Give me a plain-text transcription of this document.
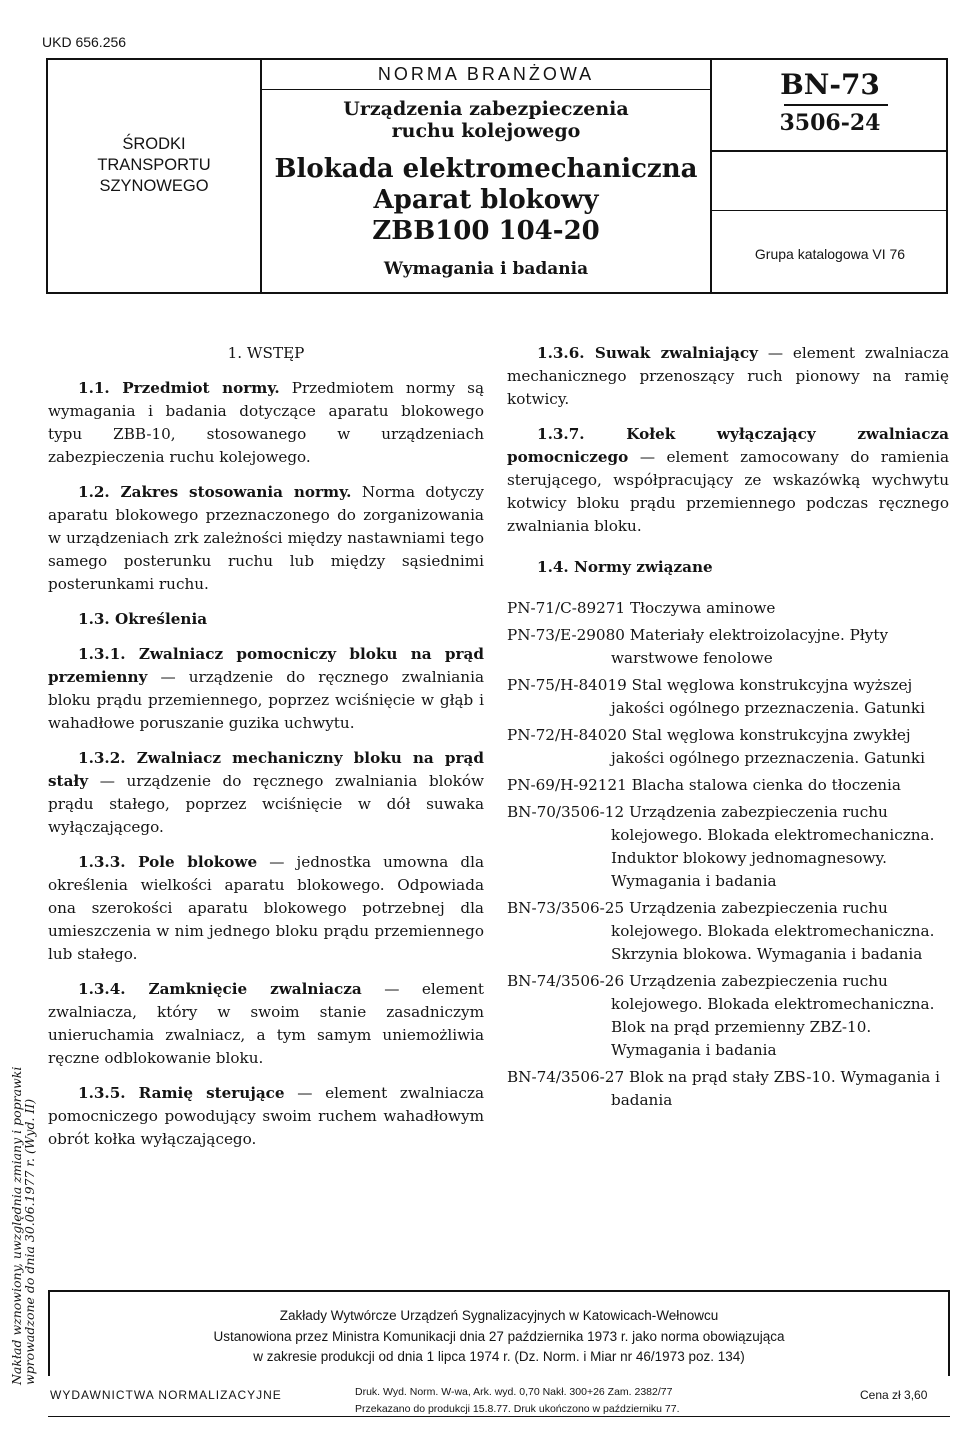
UKD 656.256
ŚRODKI
TRANSPORTU
SZYNOWEGO
NORMA BRANŻOWA
Urządzenia zabezpieczenia
ruchu kolejowego
Blokada elektromechaniczna
Aparat blokowy
ZBB100 104-20
Wymagania i badania
BN-73
3506-24
Grupa katalogowa VI 76

1. WSTĘP

1.1. Przedmiot normy. Przedmiotem normy są wymagania i badania dotyczące aparatu blokowego typu ZBB-10, stosowanego w urządzeniach zabezpieczenia ruchu kolejowego.

1.2. Zakres stosowania normy. Norma dotyczy aparatu blokowego przeznaczonego do zorganizowania w urządzeniach zrk zależności między nastawniami tego samego posterunku ruchu lub między sąsiednimi posterunkami ruchu.

1.3. Określenia

1.3.1. Zwalniacz pomocniczy bloku na prąd przemienny — urządzenie do ręcznego zwalniania bloku prądu przemiennego, poprzez wciśnięcie w głąb i wahadłowe poruszanie guzika uchwytu.

1.3.2. Zwalniacz mechaniczny bloku na prąd stały — urządzenie do ręcznego zwalniania bloków prądu stałego, poprzez wciśnięcie w dół suwaka wyłączającego.

1.3.3. Pole blokowe — jednostka umowna dla określenia wielkości aparatu blokowego. Odpowiada ona szerokości aparatu blokowego potrzebnej dla umieszczenia w nim jednego bloku prądu przemiennego lub stałego.

1.3.4. Zamknięcie zwalniacza — element zwalniacza, który w swoim stanie zasadniczym unieruchamia zwalniacz, a tym samym uniemożliwia ręczne odblokowanie bloku.

1.3.5. Ramię sterujące — element zwalniacza pomocniczego powodujący swoim ruchem wahadłowym obrót kołka wyłączającego.

1.3.6. Suwak zwalniający — element zwalniacza mechanicznego przenoszący ruch pionowy na ramię kotwicy.

1.3.7. Kołek wyłączający zwalniacza pomocniczego — element zamocowany do ramienia sterującego, współpracujący ze wskazówką wychwytu kotwicy bloku prądu przemiennego podczas ręcznego zwalniania bloku.

1.4. Normy związane

PN-71/C-89271 Tłoczywa aminowe

PN-73/E-29080 Materiały elektroizolacyjne. Płyty warstwowe fenolowe

PN-75/H-84019 Stal węglowa konstrukcyjna wyższej jakości ogólnego przeznaczenia. Gatunki

PN-72/H-84020 Stal węglowa konstrukcyjna zwykłej jakości ogólnego przeznaczenia. Gatunki

PN-69/H-92121 Blacha stalowa cienka do tłoczenia

BN-70/3506-12 Urządzenia zabezpieczenia ruchu kolejowego. Blokada elektromechaniczna. Induktor blokowy jednomagnesowy. Wymagania i badania

BN-73/3506-25 Urządzenia zabezpieczenia ruchu kolejowego. Blokada elektromechaniczna. Skrzynia blokowa. Wymagania i badania

BN-74/3506-26 Urządzenia zabezpieczenia ruchu kolejowego. Blokada elektromechaniczna. Blok na prąd przemienny ZBZ-10. Wymagania i badania

BN-74/3506-27 Blok na prąd stały ZBS-10. Wymagania i badania

Nakład wznowiony, uwzględnia zmiany i poprawki
wprowadzone do dnia 30.06.1977 r. (Wyd. II)	Zakłady Wytwórcze Urządzeń Sygnalizacyjnych w Katowicach-Wełnowcu
Ustanowiona przez Ministra Komunikacji dnia 27 października 1973 r. jako norma obowiązująca
w zakresie produkcji od dnia 1 lipca 1974 r. (Dz. Norm. i Miar nr 46/1973 poz. 134)
WYDAWNICTWA NORMALIZACYJNE	Druk. Wyd. Norm. W-wa, Ark. wyd. 0,70 Nakł. 300+26 Zam. 2382/77
Przekazano do produkcji 15.8.77. Druk ukończono w październiku 77.
Cena zł 3,60
